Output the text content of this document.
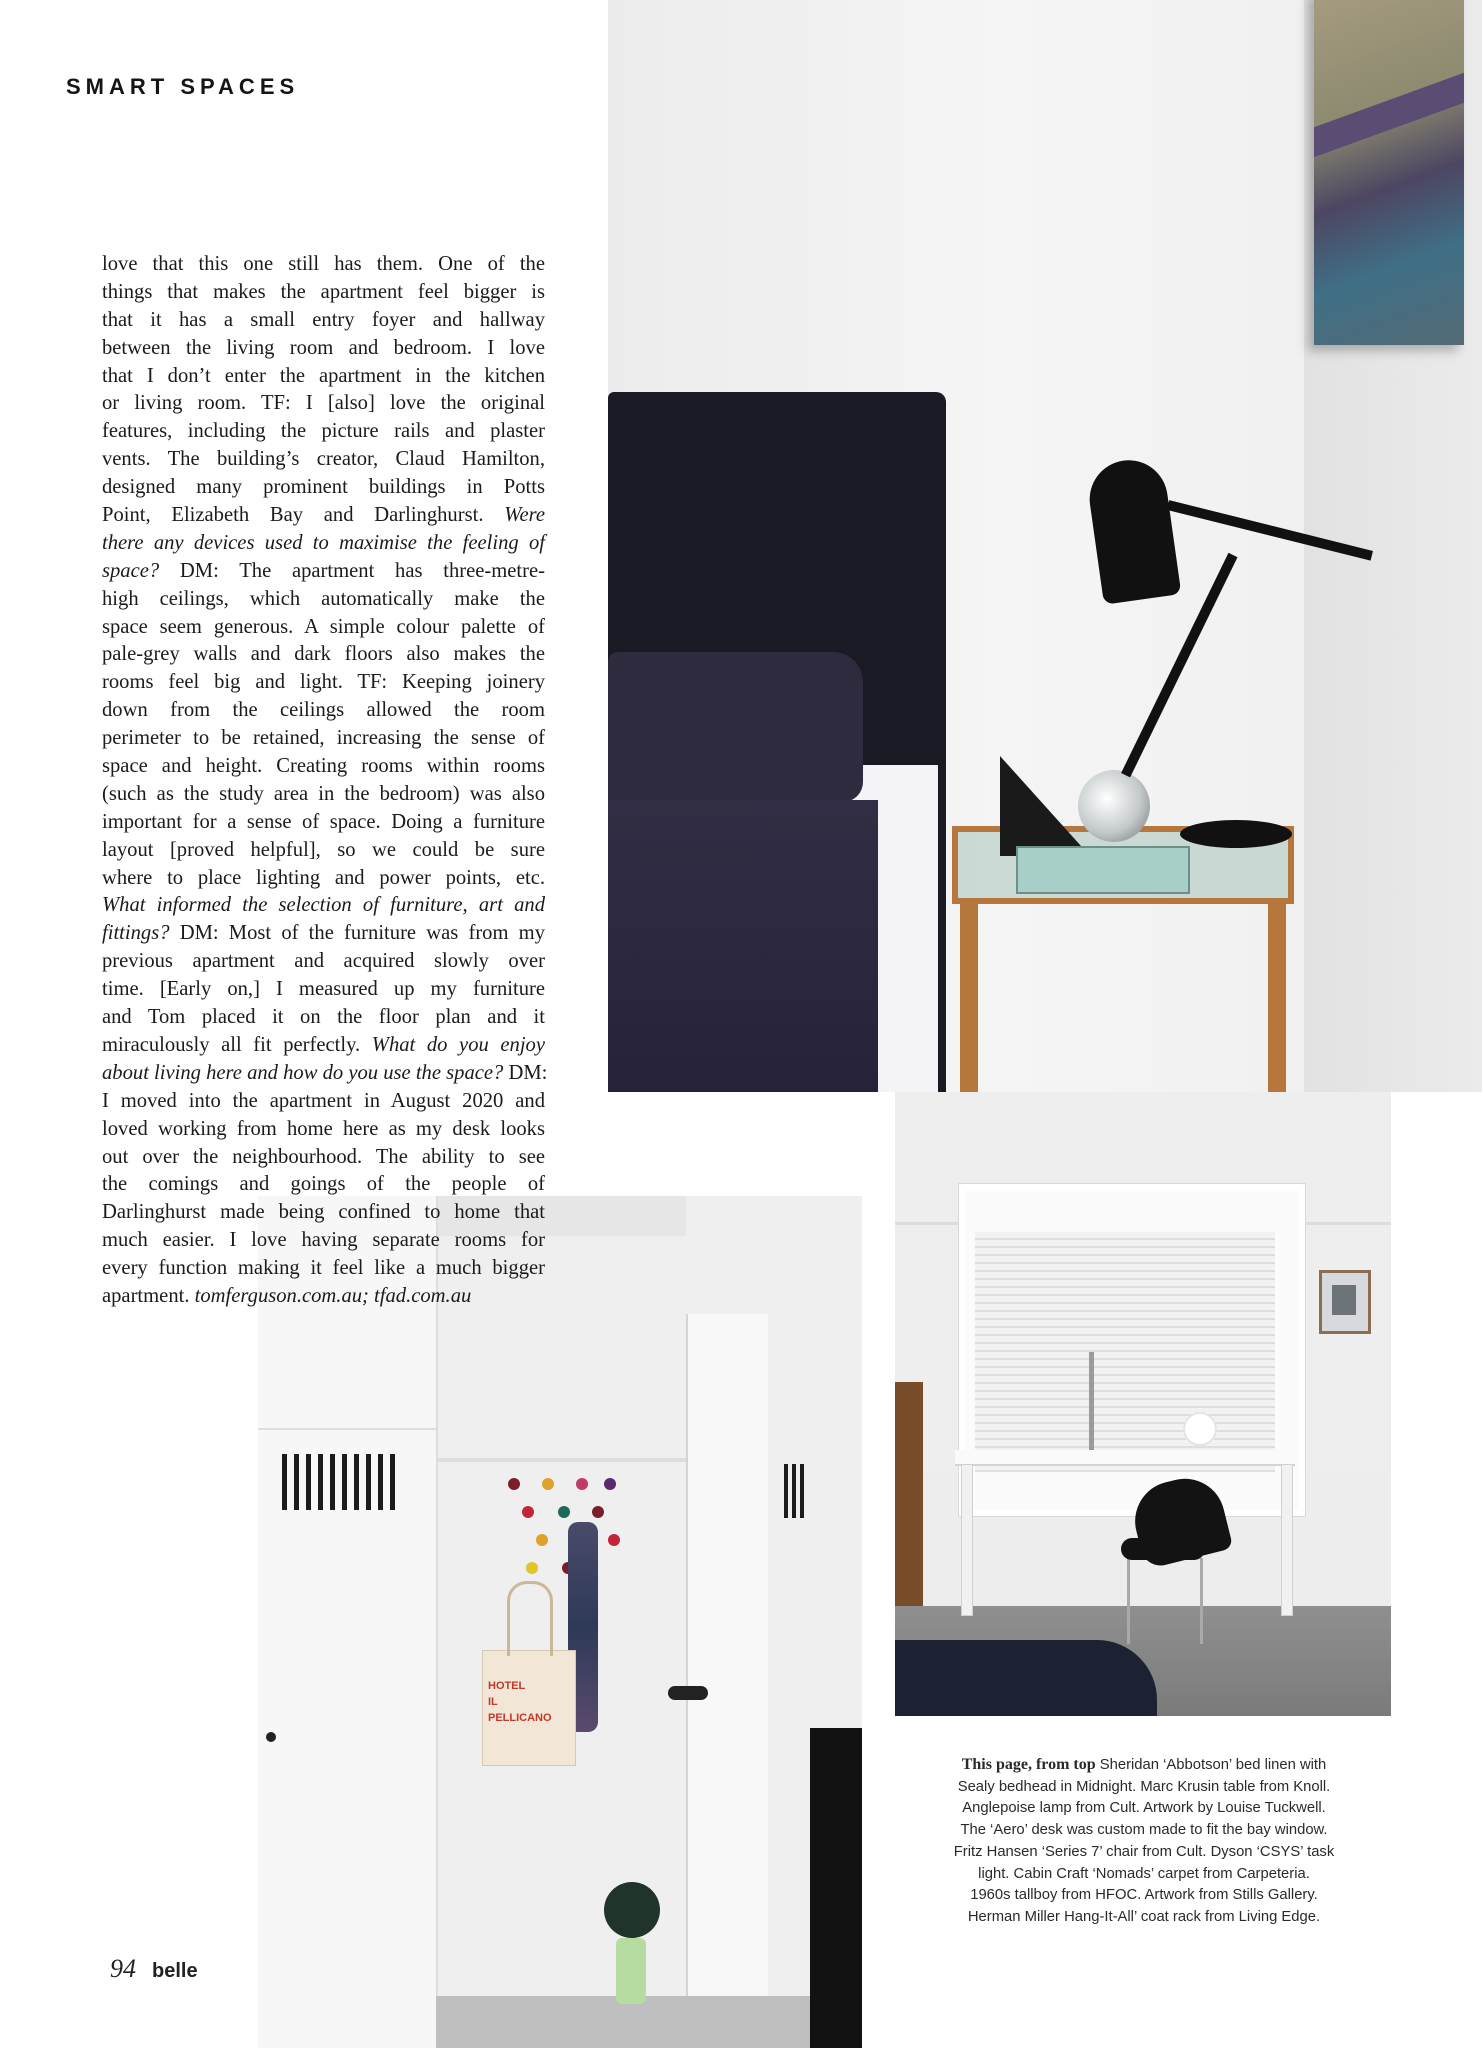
SMART SPACES
HOTEL
IL
PELLICANO
love that this one still has them. One of the
things that makes the apartment feel bigger is
that it has a small entry foyer and hallway
between the living room and bedroom. I love
that I don’t enter the apartment in the kitchen
or living room. TF: I [also] love the original
features, including the picture rails and plaster
vents. The building’s creator, Claud Hamilton,
designed many prominent buildings in Potts
Point, Elizabeth Bay and Darlinghurst. Were
there any devices used to maximise the feeling of
space? DM: The apartment has three-metre-
high ceilings, which automatically make the
space seem generous. A simple colour palette of
pale-grey walls and dark floors also makes the
rooms feel big and light. TF: Keeping joinery
down from the ceilings allowed the room
perimeter to be retained, increasing the sense of
space and height. Creating rooms within rooms
(such as the study area in the bedroom) was also
important for a sense of space. Doing a furniture
layout [proved helpful], so we could be sure
where to place lighting and power points, etc.
What informed the selection of furniture, art and
fittings? DM: Most of the furniture was from my
previous apartment and acquired slowly over
time. [Early on,] I measured up my furniture
and Tom placed it on the floor plan and it
miraculously all fit perfectly. What do you enjoy
about living here and how do you use the space? DM:
I moved into the apartment in August 2020 and
loved working from home here as my desk looks
out over the neighbourhood. The ability to see
the comings and goings of the people of
Darlinghurst made being confined to home that
much easier. I love having separate rooms for
every function making it feel like a much bigger
apartment. tomferguson.com.au; tfad.com.au
This page, from top Sheridan ‘Abbotson’ bed linen with
Sealy bedhead in Midnight. Marc Krusin table from Knoll.
Anglepoise lamp from Cult. Artwork by Louise Tuckwell.
The ‘Aero’ desk was custom made to fit the bay window.
Fritz Hansen ‘Series 7’ chair from Cult. Dyson ‘CSYS’ task
light. Cabin Craft ‘Nomads’ carpet from Carpeteria.
1960s tallboy from HFOC. Artwork from Stills Gallery.
Herman Miller Hang-It-All’ coat rack from Living Edge.
94 belle
